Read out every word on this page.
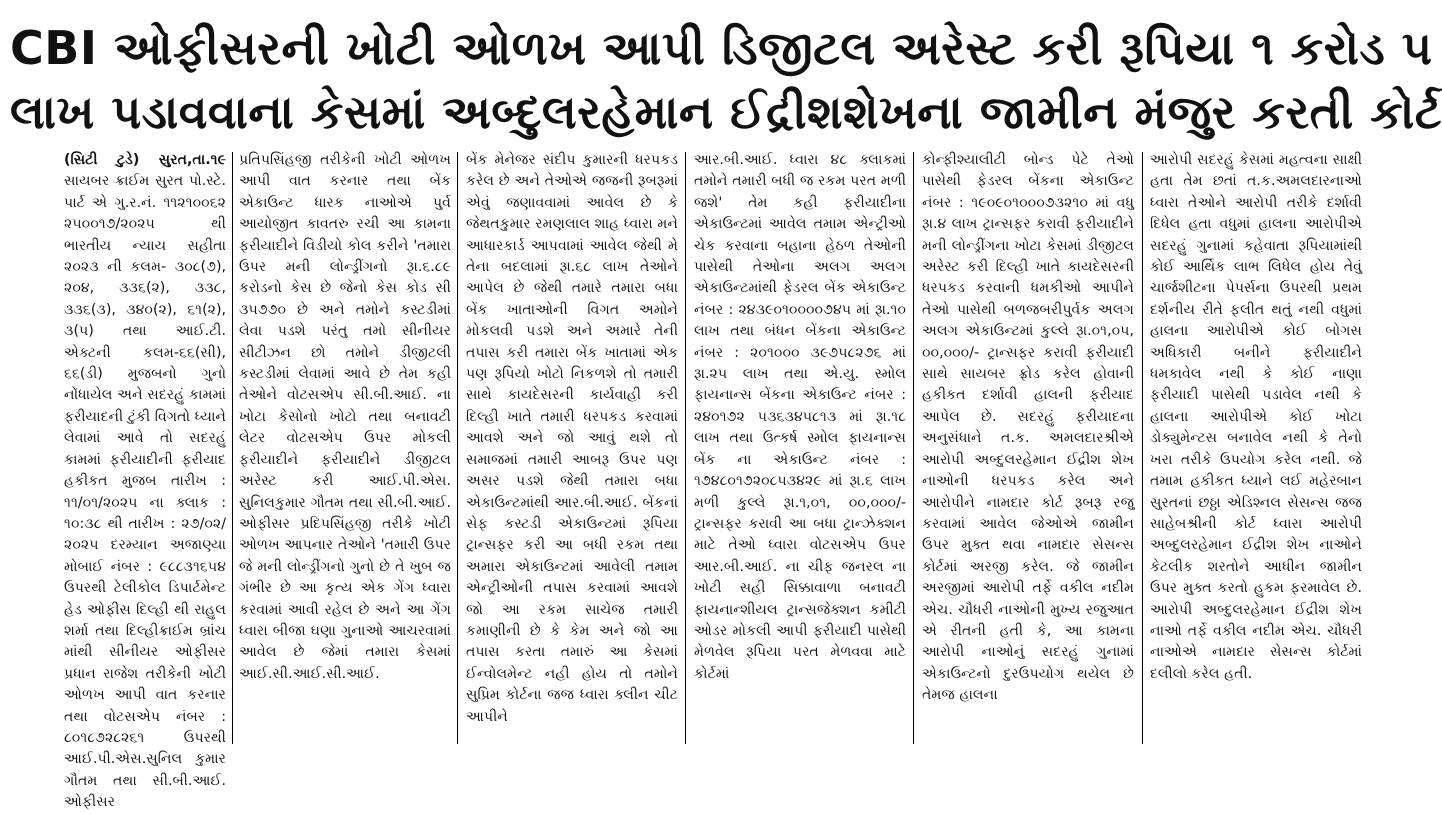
CBI ઓફીસરની ખોટી ઓળખ આપી ડિજીટલ અરેસ્ટ કરી રૂપિયા ૧ કરોડ ૫
લાખ પડાવવાના કેસમાં અબ્દુલરહેમાન ઈદ્રીશશેખના જામીન મંજુર કરતી કોર્ટ

(સિટી ટુડે) સુરત,તા.૧૯ સાયબર ક્રાઈમ સુરત પો.સ્ટે. પાર્ટ એ ગુ.ર.નં. ૧૧૨૧૦૦૬૨ ૨૫૦૦૧૭/૨૦૨૫ થી ભારતીય ન્યાય સહીતા ૨૦૨૩ ની કલમ- ૩૦૮(૭), ૨૦૪, ૩૩૬(૨), ૩૩૮, ૩૩૬(૩), ૩૪૦(૨), ૬૧(૨), ૩(૫) તથા આઈ.ટી. એક્ટની કલમ-૬૬(સી), ૬૬(ડી) મુજબનો ગુનો નોંધાયેલ અને સદરહું કામમાં ફરીયાદની ટુંકી વિગતો ધ્યાને લેવામાં આવે તો સદરહું કામમાં ફરીયાદીની ફરીયાદ હકીકત મુજબ તારીખ : ૧૧/૦૧/૨૦૨૫ ના ક્લાક : ૧૦:૩૮ થી તારીખ : ૨૭/૦૨/ ૨૦૨૫ દરમ્યાન અજાણ્યા મોબાઈ નંબર : ૯૮૮૩૧૬૫૪ ઉપરથી ટેલીકોલ ડિપાર્ટમેન્ટ હેડ ઓફીસ દિલ્હી થી રાહુલ શર્મા તથા દિલ્હીક્રાઈમ બ્રાંચ માંથી સીનીયર ઓફીસર પ્રધાન રાજેશ તરીકેની ખોટી ઓળખ આપી વાત કરનાર તથા વોટસએપ નંબર : ૮૦૧૮૭૨૮૨૬૧ ઉપરથી આઈ.પી.એસ.સુનિલ કુમાર ગૌતમ તથા સી.બી.આઈ. ઓફીસર

પ્રતિપસિંહજી તરીકેની ખોટી ઓળખ આપી વાત કરનાર તથા બેંક એકાઉન્ટ ધારક નાઓએ પુર્વ આયોજીત કાવતરુ રચી આ કામના ફરીયાદીને વિડીયો કોલ કરીને 'તમારા ઉપર મની લોન્ડ્રીંગનો રૂા.૬.૮૯ કરોડનો કેસ છે જેનો કેસ કોડ સી ૩૫૭૭૦ છે અને તમોને કસ્ટડીમાં લેવા પડશે પરંતુ તમો સીનીયર સીટીઝન છો તમોને ડીજીટલી કસ્ટડીમાં લેવામાં આવે છે તેમ કહી તેઓને વોટસએપ સી.બી.આઈ. ના ખોટા કેસોનો ખોટો તથા બનાવટી લેટર વોટસએપ ઉપર મોકલી ફરીયાદીને ફરીયાદીને ડીજીટલ અરેસ્ટ કરી આઈ.પી.એસ. સુનિલકુમાર ગૌતમ તથા સી.બી.આઈ. ઓફીસર પ્રદિપસિંહજી તરીકે ખોટી ઓળખ આપનાર તેઓને 'તમારી ઉપર જે મની લોન્ડ્રીંગનો ગુનો છે તે ખુબ જ ગંભીર છે આ કૃત્ય એક ગેંગ ધ્વારા કરવામાં આવી રહેલ છે અને આ ગેંગ ધ્વારા બીજા ઘણા ગુનાઓ આચરવામાં આવેલ છે જેમાં તમારા કેસમાં આઈ.સી.આઈ.સી.આઈ.

બેંક મેનેજર સંદીપ કુમારની ધરપકડ કરેલ છે અને તેઓએ જજની રૂબરૂમાં એવું જણાવવામાં આવેલ છે કે જેથતકુમાર રમણલાલ શાહ ધ્વારા મને આધારકાર્ડ આપવામાં આવેલ જેથી મે તેના બદલામાં રૂા.૬૮ લાખ તેઓને આપેલ છે જેથી તમારે તમારા બધા બેંક ખાતાઓની વિગત અમોને મોકલવી પડશે અને અમારે તેની તપાસ કરી તમારા બેંક ખાતામાં એક પણ રૂપિયો ખોટો નિકળશે તો તમારી સાથે કાયદેસરની કાર્યવાહી કરી દિલ્હી ખાતે તમારી ધરપકડ કરવામાં આવશે અને જો આવું થશે તો સમાજમાં તમારી આબરૂ ઉપર પણ અસર પડશે જેથી તમારા બધા એકાઉન્ટમાંથી આર.બી.આઈ. બેંકનાં સેફ કસ્ટડી એકાઉન્ટમાં રૂપિયા ટ્રાન્સફર કરી આ બધી રકમ તથા અમારા એકાઉન્ટમાં આવેલી તમામ એન્ટ્રીઓની તપાસ કરવામાં આવશે જો આ રકમ સાચેજ તમારી કમાણીની છે કે કેમ અને જો આ તપાસ કરતા તમારું આ કેસમાં ઈન્વોલમેન્ટ નહી હોય તો તમોને સુપ્રિમ કોર્ટના જજ ધ્વારા ક્લીન ચીટ આપીને

આર.બી.આઈ. ધ્વારા ૪૮ ક્લાકમાં તમોને તમારી બધી જ રકમ પરત મળી જશે' તેમ કહી ફરીયાદીના એકાઉન્ટમાં આવેલ તમામ એન્ટ્રીઓ ચેક કરવાના બહાના હેઠળ તેઓની પાસેથી તેઓના અલગ અલગ એકાઉન્ટમાંથી ફેડરલ બેંક એકાઉન્ટ નંબર : ૨૪૩૯૦૧૦૦૦૦૭૪૫ માં રૂા.૧૦ લાખ તથા બંધન બેંકના એકાઉન્ટ નંબર : ૨૦૧૦૦૦ ૩૯૭૫૮૨૭૬ માં રૂા.૨૫ લાખ તથા એ.યુ. સ્મોલ ફાયનાન્સ બેંકના એકાઉન્ટ નંબર : ૨૪૦૧૭૨ ૫૩૬૩૪૫૮૧૩ માં રૂા.૧૮ લાખ તથા ઉત્કર્ષ સ્મોલ ફાયનાન્સ બેંક ના એકાઉન્ટ નંબર : ૧૭૪૮૦૧૭૨૦૮૫૩૪૨૯ માં રૂા.૬ લાખ મળી કુલ્લે રૂા.૧,૦૧, ૦૦,૦૦૦/- ટ્રાન્સફર કરાવી આ બધા ટ્રાન્ઝેક્શન માટે તેઓ ધ્વારા વોટસએપ ઉપર આર.બી.આઈ. ના ચીફ જનરલ ના ખોટી સહી સિક્કાવાળા બનાવટી ફાયનાન્શીયલ ટ્રાન્સજેક્શન કમીટી ઓડર મોકલી આપી ફરીયાદી પાસેથી મેળવેલ રૂપિયા પરત મેળવવા માટે કોર્ટમાં

કોન્ફીશ્યાલીટી બોન્ડ પેટે તેઓ પાસેથી ફેડરલ બેંકના એકાઉન્ટ નંબર : ૧૯૦૯૦૧૦૦૦૭૩૨૧૦ માં વધુ રૂા.૪ લાખ ટ્રાન્સફર કરાવી ફરીયાદીને મની લોન્ડ્રીંગના ખોટા કેસમાં ડીજીટલ અરેસ્ટ કરી દિલ્હી ખાતે કાયદેસરની ધરપકડ કરવાની ધમકીઓ આપીને તેઓ પાસેથી બળજબરીપુર્વક અલગ અલગ એકાઉન્ટમાં કુલ્લે રૂા.૦૧,૦૫, ૦૦,૦૦૦/- ટ્રાન્સફર કરાવી ફરીયાદી સાથે સાયબર ફ્રોડ કરેલ હોવાની હકીકત દર્શાવી હાલની ફરીયાદ આપેલ છે. સદરહું ફરીયાદના અનુસંધાને ત.ક. અમલદારશ્રીએ આરોપી અબ્દુલરહેમાન ઈદ્રીશ શેખ નાઓની ધરપકડ કરેલ અને આરોપીને નામદાર કોર્ટ રૂબરૂ રજુ કરવામાં આવેલ જેઓએ જામીન ઉપર મુક્ત થવા નામદાર સેસન્સ કોર્ટમાં અરજી કરેલ. જે જામીન અરજીમાં આરોપી તર્ફે વકીલ નદીમ એચ. ચૌધરી નાઓની મુખ્ય રજુઆત એ રીતની હતી કે, આ કામના આરોપી નાઓનું સદરહું ગુનામાં એકાઉન્ટનો દુરઉપયોગ થયેલ છે તેમજ હાલના

આરોપી સદરહું કેસમાં મહત્વના સાક્ષી હતા તેમ છતાં ત.ક.અમલદારનાઓ ધ્વારા તેઓને આરોપી તરીકે દર્શાવી દિધેલ હતા વધુમાં હાલના આરોપીએ સદરહું ગુનામાં કહેવાતા રૂપિયામાંથી કોઈ આર્થિક લાભ લિધેલ હોય તેવું ચાર્જશીટના પેપર્સના ઉપરથી પ્રથમ દર્શનીય રીતે ફલીત થતું નથી વધુમાં હાલના આરોપીએ કોઈ બોગસ અધિકારી બનીને ફરીયાદીને ધમકાવેલ નથી કે કોઈ નાણા ફરીયાદી પાસેથી પડાવેલ નથી કે હાલના આરોપીએ કોઈ ખોટા ડોક્યુમેન્ટસ બનાવેલ નથી કે તેનો ખરા તરીકે ઉપયોગ કરેલ નથી. જે તમામ હકીકત ધ્યાને લઈ મહેરબાન સુરતનાં છઠ્ઠા એડિશ્નલ સેસન્સ જજ સાહેબશ્રીની કોર્ટ ધ્વારા આરોપી અબ્દુલરહેમાન ઈદ્રીશ શેખ નાઓને કેટલીક શરતોને આધીન જામીન ઉપર મુક્ત કરતો હુકમ ફરમાવેલ છે. આરોપી અબ્દુલરહેમાન ઈદ્રીશ શેખ નાઓ તર્ફે વકીલ નદીમ એચ. ચૌધરી નાઓએ નામદાર સેસન્સ કોર્ટમાં દલીલો કરેલ હતી.
